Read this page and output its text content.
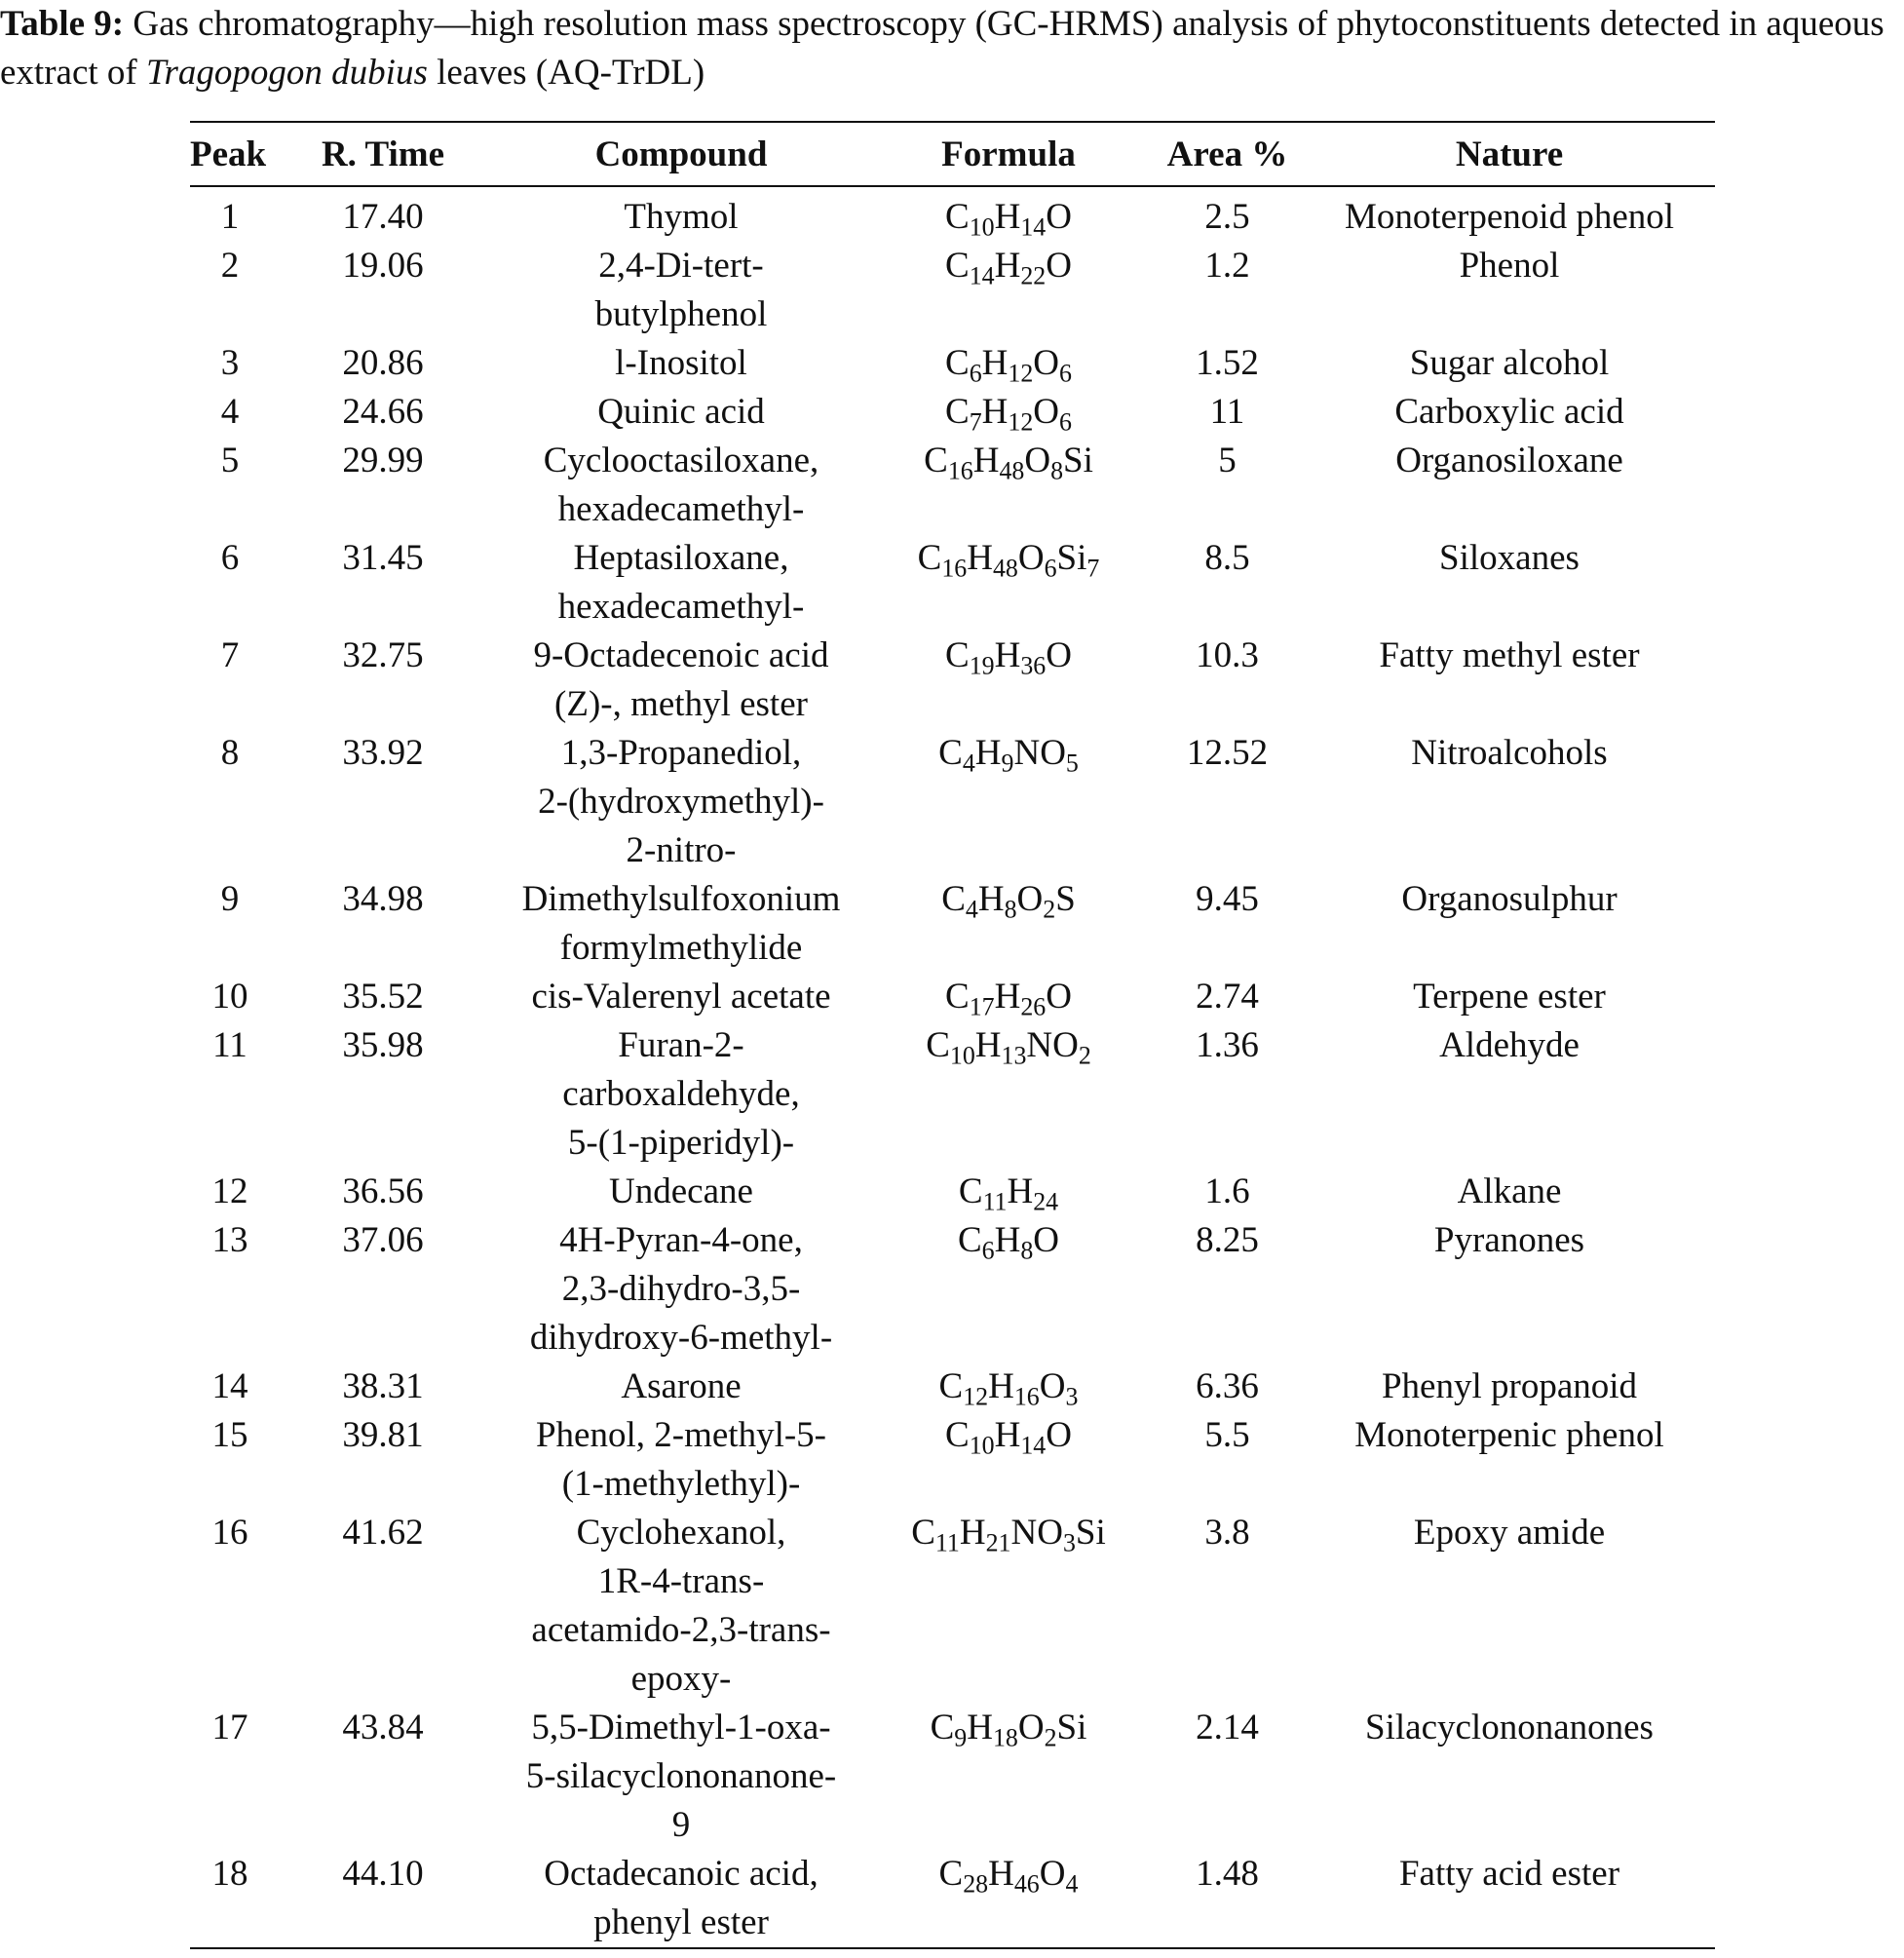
Table 9: Gas chromatography—high resolution mass spectroscopy (GC-HRMS) analysis of phytoconstituents detected in aqueous extract of Tragopogon dubius leaves (AQ-TrDL)

Peak	R. Time	Compound	Formula	Area %	Nature
1	17.40	Thymol	$C_{10}H_{14}O$	2.5	Monoterpenoid phenol
2	19.06	2,4-Di-tert-
butylphenol	$C_{14}H_{22}O$	1.2	Phenol
3	20.86	l-Inositol	$C_6H_{12}O_6$	1.52	Sugar alcohol
4	24.66	Quinic acid	$C_7H_{12}O_6$	11	Carboxylic acid
5	29.99	Cyclooctasiloxane,
hexadecamethyl-	$C_{16}H_{48}O_8Si$	5	Organosiloxane
6	31.45	Heptasiloxane,
hexadecamethyl-	$C_{16}H_{48}O_6Si_7$	8.5	Siloxanes
7	32.75	9-Octadecenoic acid
(Z)-, methyl ester	$C_{19}H_{36}O$	10.3	Fatty methyl ester
8	33.92	1,3-Propanediol,
2-(hydroxymethyl)-
2-nitro-	$C_4H_9NO_5$	12.52	Nitroalcohols
9	34.98	Dimethylsulfoxonium
formylmethylide	$C_4H_8O_2S$	9.45	Organosulphur
10	35.52	cis-Valerenyl acetate	$C_{17}H_{26}O$	2.74	Terpene ester
11	35.98	Furan-2-
carboxaldehyde,
5-(1-piperidyl)-	$C_{10}H_{13}NO_2$	1.36	Aldehyde
12	36.56	Undecane	$C_{11}H_{24}$	1.6	Alkane
13	37.06	4H-Pyran-4-one,
2,3-dihydro-3,5-
dihydroxy-6-methyl-	$C_6H_8O$	8.25	Pyranones
14	38.31	Asarone	$C_{12}H_{16}O_3$	6.36	Phenyl propanoid
15	39.81	Phenol, 2-methyl-5-
(1-methylethyl)-	$C_{10}H_{14}O$	5.5	Monoterpenic phenol
16	41.62	Cyclohexanol,
1R-4-trans-
acetamido-2,3-trans-
epoxy-	$C_{11}H_{21}NO_3Si$	3.8	Epoxy amide
17	43.84	5,5-Dimethyl-1-oxa-
5-silacyclononanone-
9	$C_9H_{18}O_2Si$	2.14	Silacyclononanones
18	44.10	Octadecanoic acid,
phenyl ester	$C_{28}H_{46}O_4$	1.48	Fatty acid ester
